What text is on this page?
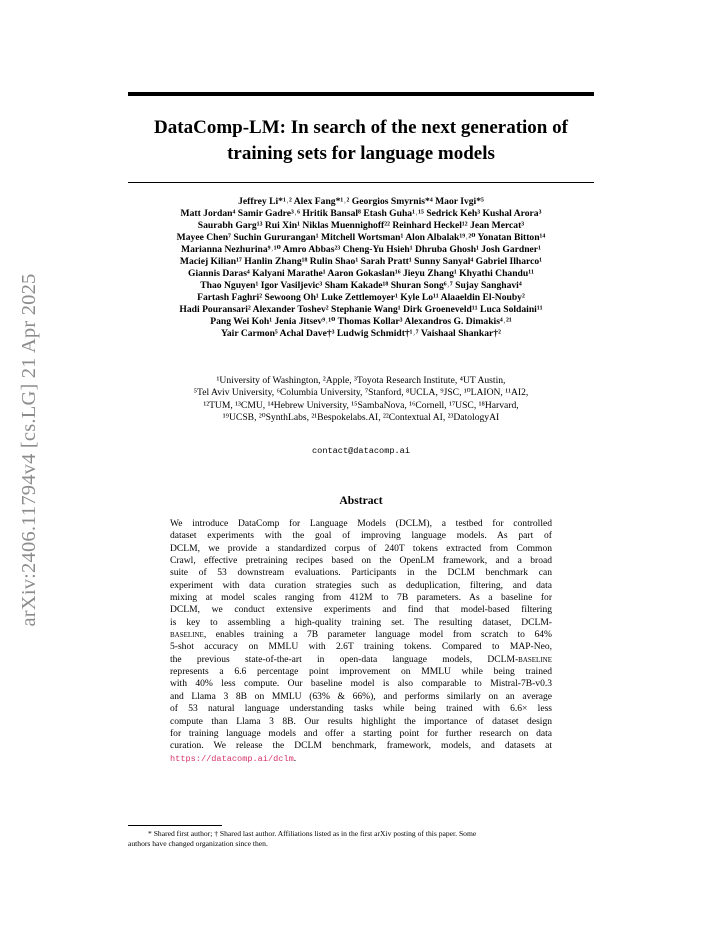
arXiv:2406.11794v4 [cs.LG] 21 Apr 2025
DataComp-LM: In search of the next generation of
training sets for language models
Jeffrey Li*¹˒² Alex Fang*¹˒² Georgios Smyrnis*⁴ Maor Ivgi*⁵
Matt Jordan⁴ Samir Gadre³˒⁶ Hritik Bansal⁸ Etash Guha¹˒¹⁵ Sedrick Keh³ Kushal Arora³
Saurabh Garg¹³ Rui Xin¹ Niklas Muennighoff²² Reinhard Heckel¹² Jean Mercat³
Mayee Chen⁷ Suchin Gururangan¹ Mitchell Wortsman¹ Alon Albalak¹⁹˒²⁰ Yonatan Bitton¹⁴
Marianna Nezhurina⁹˒¹⁰ Amro Abbas²³ Cheng-Yu Hsieh¹ Dhruba Ghosh¹ Josh Gardner¹
Maciej Kilian¹⁷ Hanlin Zhang¹⁸ Rulin Shao¹ Sarah Pratt¹ Sunny Sanyal⁴ Gabriel Ilharco¹
Giannis Daras⁴ Kalyani Marathe¹ Aaron Gokaslan¹⁶ Jieyu Zhang¹ Khyathi Chandu¹¹
Thao Nguyen¹ Igor Vasiljevic³ Sham Kakade¹⁸ Shuran Song⁶˒⁷ Sujay Sanghavi⁴
Fartash Faghri² Sewoong Oh¹ Luke Zettlemoyer¹ Kyle Lo¹¹ Alaaeldin El-Nouby²
Hadi Pouransari² Alexander Toshev² Stephanie Wang¹ Dirk Groeneveld¹¹ Luca Soldaini¹¹
Pang Wei Koh¹ Jenia Jitsev⁹˒¹⁰ Thomas Kollar³ Alexandros G. Dimakis⁴˒²¹
Yair Carmon⁵ Achal Dave†³ Ludwig Schmidt†¹˒⁷ Vaishaal Shankar†²
¹University of Washington, ²Apple, ³Toyota Research Institute, ⁴UT Austin,
⁵Tel Aviv University, ⁶Columbia University, ⁷Stanford, ⁸UCLA, ⁹JSC, ¹⁰LAION, ¹¹AI2,
¹²TUM, ¹³CMU, ¹⁴Hebrew University, ¹⁵SambaNova, ¹⁶Cornell, ¹⁷USC, ¹⁸Harvard,
¹⁹UCSB, ²⁰SynthLabs, ²¹Bespokelabs.AI, ²²Contextual AI, ²³DatologyAI
contact@datacomp.ai
Abstract
We introduce DataComp for Language Models (DCLM), a testbed for controlled
dataset experiments with the goal of improving language models. As part of
DCLM, we provide a standardized corpus of 240T tokens extracted from Common
Crawl, effective pretraining recipes based on the OpenLM framework, and a broad
suite of 53 downstream evaluations. Participants in the DCLM benchmark can
experiment with data curation strategies such as deduplication, filtering, and data
mixing at model scales ranging from 412M to 7B parameters. As a baseline for
DCLM, we conduct extensive experiments and find that model-based filtering
is key to assembling a high-quality training set. The resulting dataset, DCLM-
baseline, enables training a 7B parameter language model from scratch to 64%
5-shot accuracy on MMLU with 2.6T training tokens. Compared to MAP-Neo,
the previous state-of-the-art in open-data language models, DCLM-baseline
represents a 6.6 percentage point improvement on MMLU while being trained
with 40% less compute. Our baseline model is also comparable to Mistral-7B-v0.3
and Llama 3 8B on MMLU (63% & 66%), and performs similarly on an average
of 53 natural language understanding tasks while being trained with 6.6× less
compute than Llama 3 8B. Our results highlight the importance of dataset design
for training language models and offer a starting point for further research on data
curation. We release the DCLM benchmark, framework, models, and datasets at
https://datacomp.ai/dclm.
* Shared first author; † Shared last author. Affiliations listed as in the first arXiv posting of this paper. Some
authors have changed organization since then.
